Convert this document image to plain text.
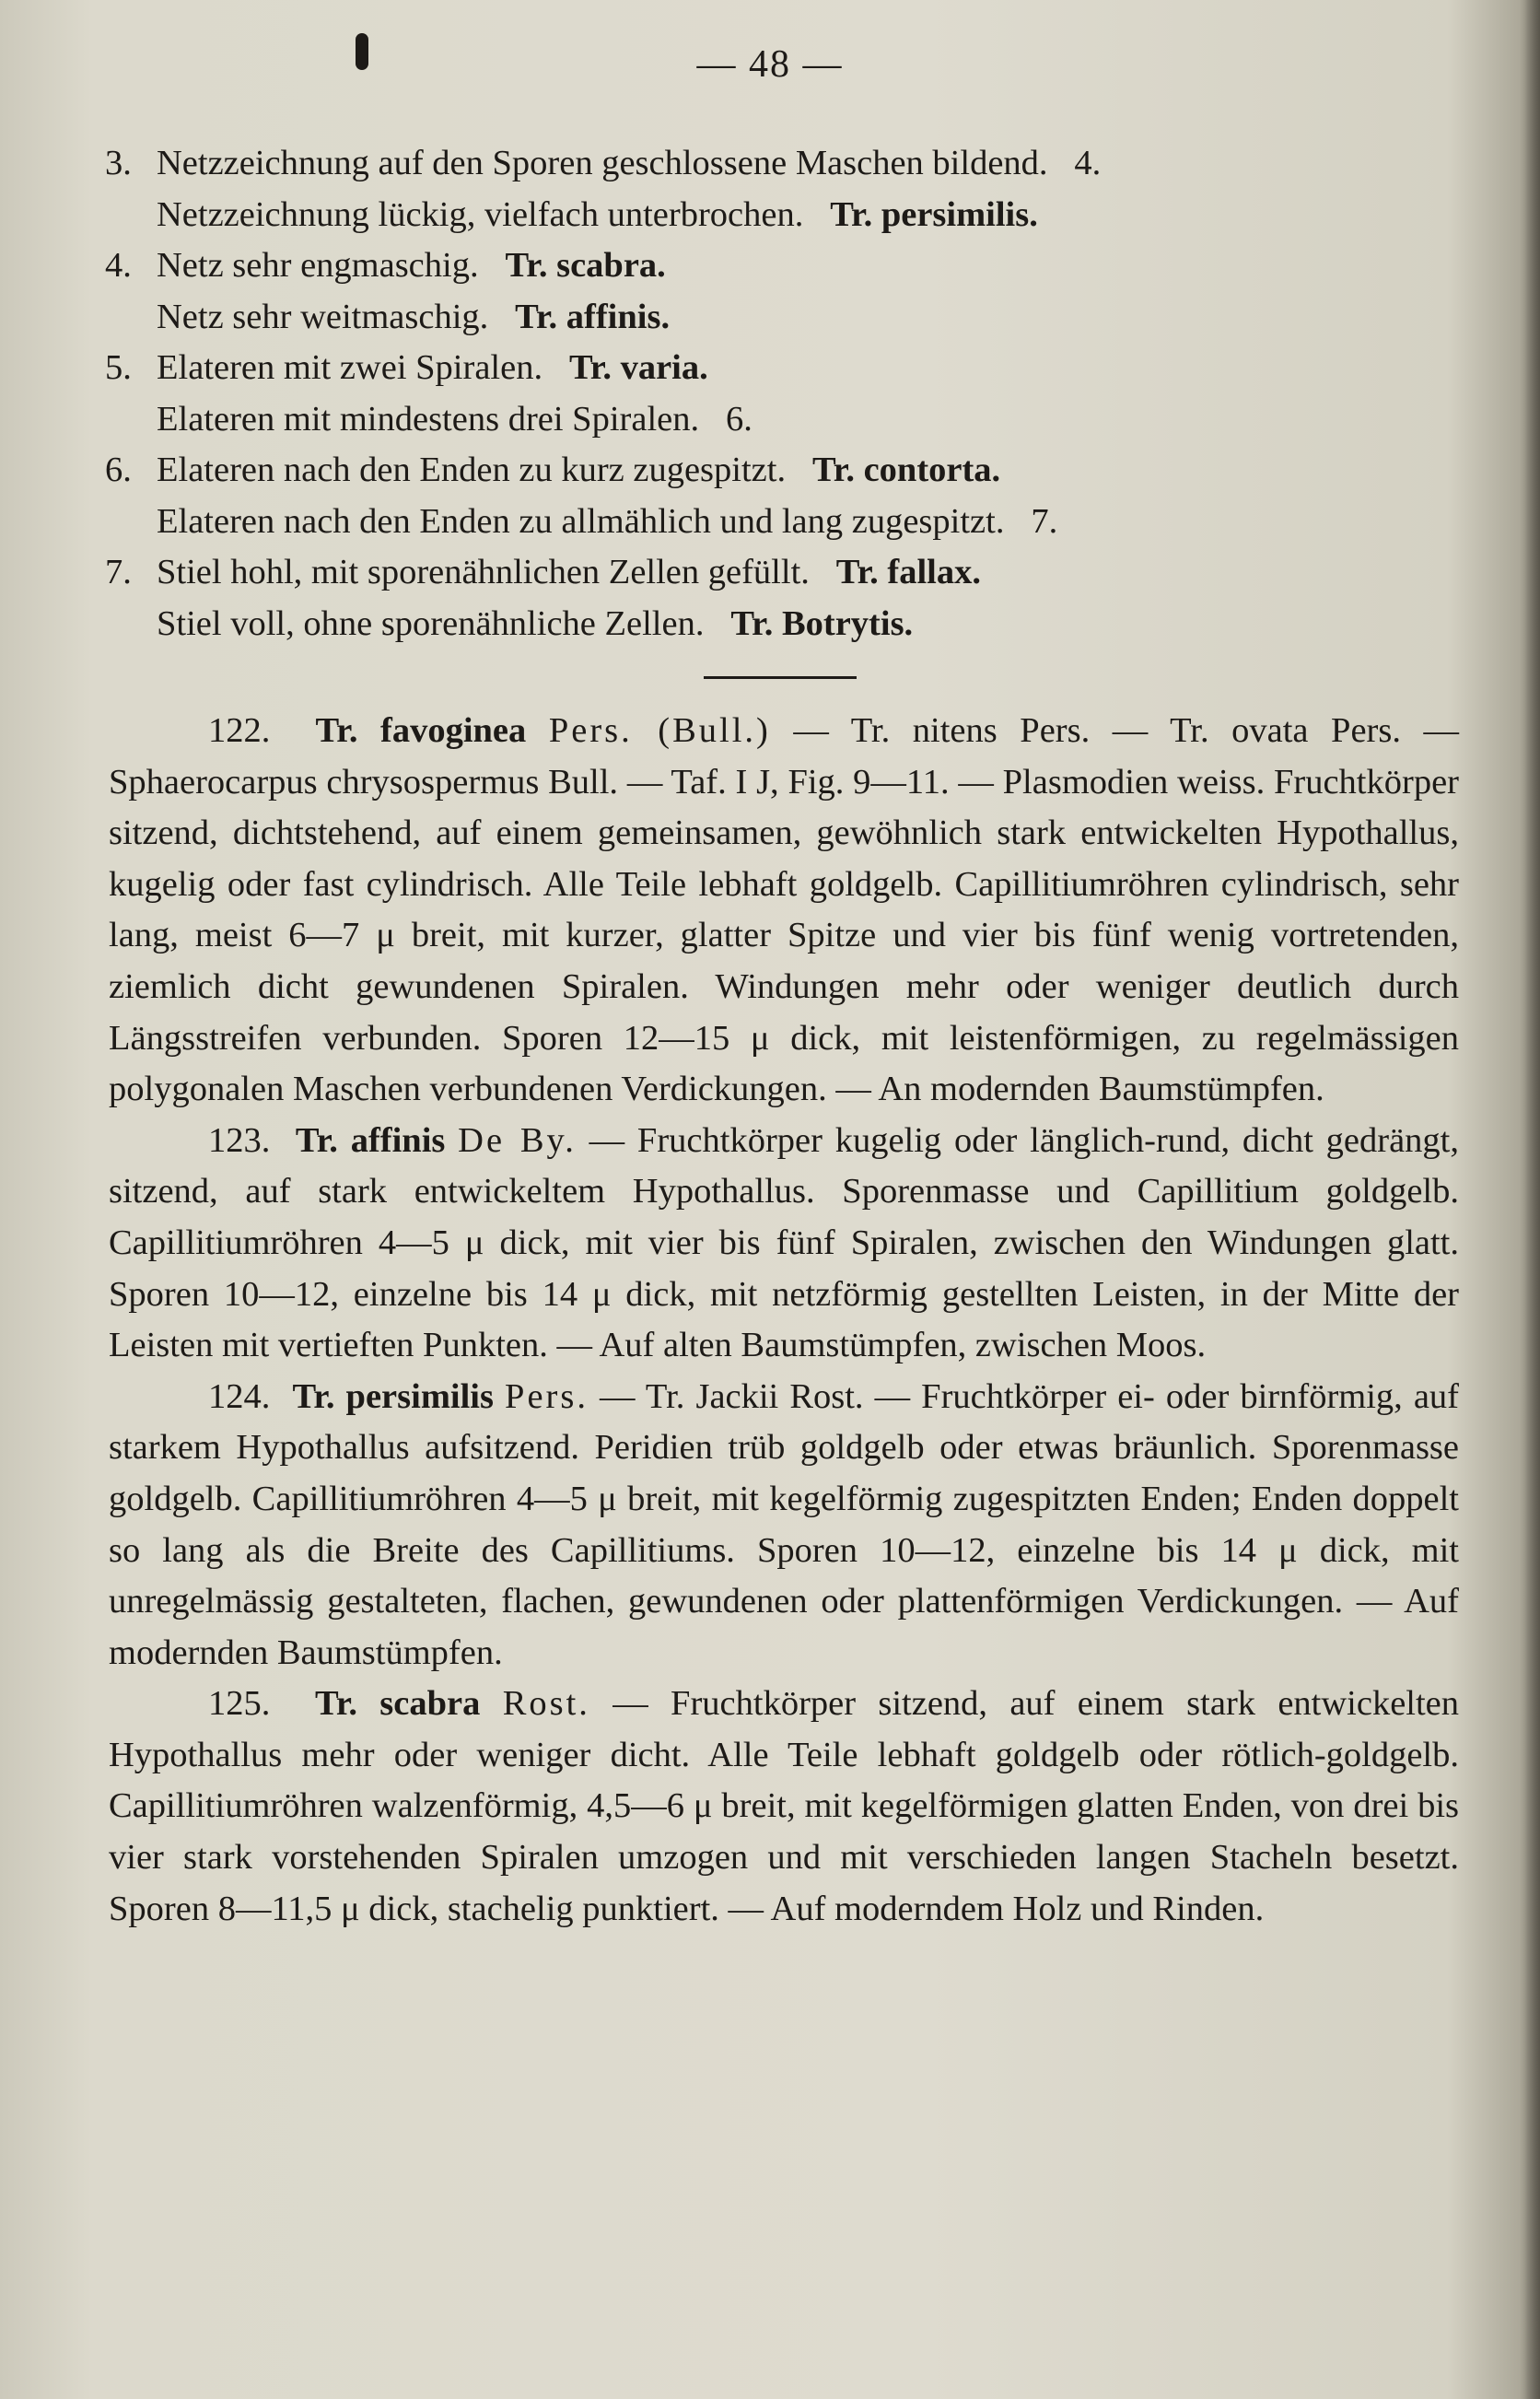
— 48 —
3. Netzzeichnung auf den Sporen geschlossene Maschen bildend. 4.
Netzzeichnung lückig, vielfach unterbrochen. Tr. persimilis.
4. Netz sehr engmaschig. Tr. scabra.
Netz sehr weitmaschig. Tr. affinis.
5. Elateren mit zwei Spiralen. Tr. varia.
Elateren mit mindestens drei Spiralen. 6.
6. Elateren nach den Enden zu kurz zugespitzt. Tr. contorta.
Elateren nach den Enden zu allmählich und lang zugespitzt. 7.
7. Stiel hohl, mit sporenähnlichen Zellen gefüllt. Tr. fallax.
Stiel voll, ohne sporenähnliche Zellen. Tr. Botrytis.

122. Tr. favoginea Pers. (Bull.) — Tr. nitens Pers. — Tr. ovata Pers. — Sphaerocarpus chrysospermus Bull. — Taf. I J, Fig. 9—11. — Plasmodien weiss. Fruchtkörper sitzend, dichtstehend, auf einem gemeinsamen, gewöhnlich stark entwickelten Hypothallus, kugelig oder fast cylindrisch. Alle Teile lebhaft goldgelb. Capillitiumröhren cylindrisch, sehr lang, meist 6—7 μ breit, mit kurzer, glatter Spitze und vier bis fünf wenig vortretenden, ziemlich dicht gewundenen Spiralen. Windungen mehr oder weniger deutlich durch Längsstreifen verbunden. Sporen 12—15 μ dick, mit leistenförmigen, zu regelmässigen polygonalen Maschen verbundenen Verdickungen. — An modernden Baumstümpfen.

123. Tr. affinis De By. — Fruchtkörper kugelig oder länglich-rund, dicht gedrängt, sitzend, auf stark entwickeltem Hypothallus. Sporenmasse und Capillitium goldgelb. Capillitiumröhren 4—5 μ dick, mit vier bis fünf Spiralen, zwischen den Windungen glatt. Sporen 10—12, einzelne bis 14 μ dick, mit netzförmig gestellten Leisten, in der Mitte der Leisten mit vertieften Punkten. — Auf alten Baumstümpfen, zwischen Moos.

124. Tr. persimilis Pers. — Tr. Jackii Rost. — Fruchtkörper ei- oder birnförmig, auf starkem Hypothallus aufsitzend. Peridien trüb goldgelb oder etwas bräunlich. Sporenmasse goldgelb. Capillitiumröhren 4—5 μ breit, mit kegelförmig zugespitzten Enden; Enden doppelt so lang als die Breite des Capillitiums. Sporen 10—12, einzelne bis 14 μ dick, mit unregelmässig gestalteten, flachen, gewundenen oder plattenförmigen Verdickungen. — Auf modernden Baumstümpfen.

125. Tr. scabra Rost. — Fruchtkörper sitzend, auf einem stark entwickelten Hypothallus mehr oder weniger dicht. Alle Teile lebhaft goldgelb oder rötlich-goldgelb. Capillitiumröhren walzenförmig, 4,5—6 μ breit, mit kegelförmigen glatten Enden, von drei bis vier stark vorstehenden Spiralen umzogen und mit verschieden langen Stacheln besetzt. Sporen 8—11,5 μ dick, stachelig punktiert. — Auf moderndem Holz und Rinden.
